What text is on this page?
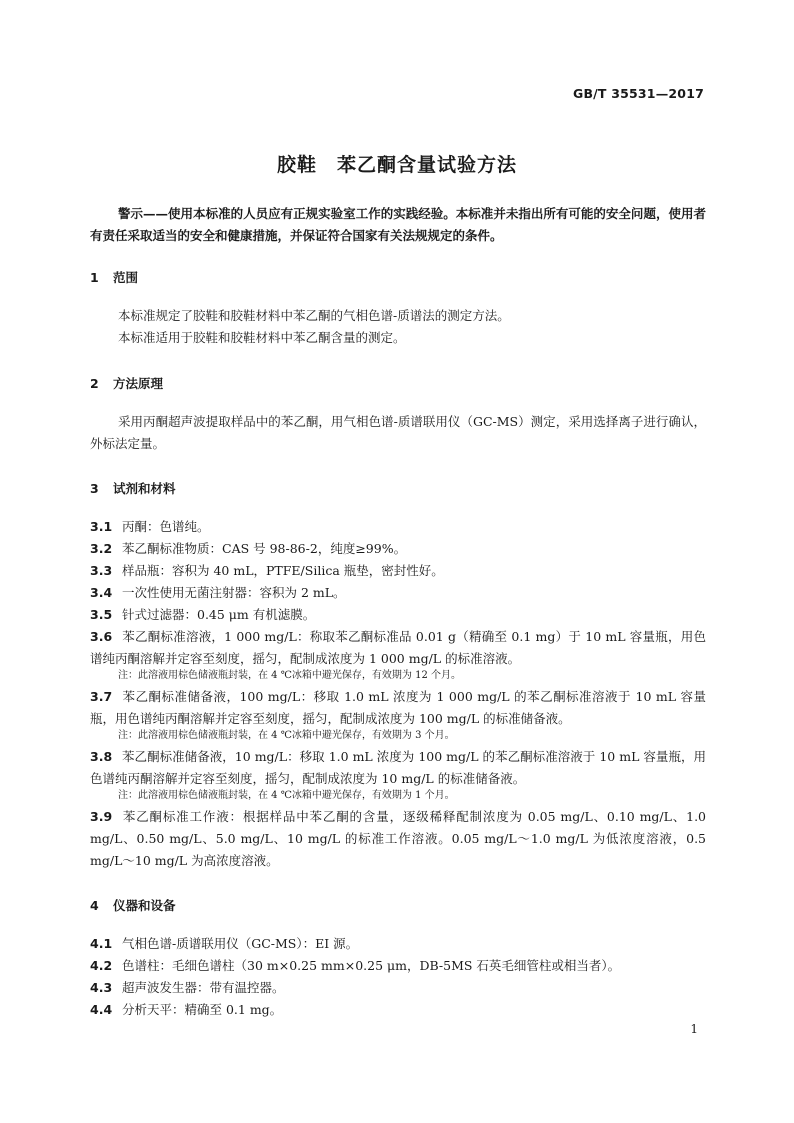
GB/T 35531—2017
胶鞋　苯乙酮含量试验方法
警示——使用本标准的人员应有正规实验室工作的实践经验。本标准并未指出所有可能的安全问题，使用者有责任采取适当的安全和健康措施，并保证符合国家有关法规规定的条件。
1 范围
本标准规定了胶鞋和胶鞋材料中苯乙酮的气相色谱-质谱法的测定方法。
本标准适用于胶鞋和胶鞋材料中苯乙酮含量的测定。
2 方法原理
采用丙酮超声波提取样品中的苯乙酮，用气相色谱-质谱联用仪（GC-MS）测定，采用选择离子进行确认，外标法定量。
3 试剂和材料
3.1 丙酮：色谱纯。
3.2 苯乙酮标准物质：CAS 号 98-86-2，纯度≥99%。
3.3 样品瓶：容积为 40 mL，PTFE/Silica 瓶垫，密封性好。
3.4 一次性使用无菌注射器：容积为 2 mL。
3.5 针式过滤器：0.45 μm 有机滤膜。
3.6 苯乙酮标准溶液，1 000 mg/L：称取苯乙酮标准品 0.01 g（精确至 0.1 mg）于 10 mL 容量瓶，用色谱纯丙酮溶解并定容至刻度，摇匀，配制成浓度为 1 000 mg/L 的标准溶液。
注：此溶液用棕色储液瓶封装，在 4 ℃冰箱中避光保存，有效期为 12 个月。
3.7 苯乙酮标准储备液，100 mg/L：移取 1.0 mL 浓度为 1 000 mg/L 的苯乙酮标准溶液于 10 mL 容量瓶，用色谱纯丙酮溶解并定容至刻度，摇匀，配制成浓度为 100 mg/L 的标准储备液。
注：此溶液用棕色储液瓶封装，在 4 ℃冰箱中避光保存，有效期为 3 个月。
3.8 苯乙酮标准储备液，10 mg/L：移取 1.0 mL 浓度为 100 mg/L 的苯乙酮标准溶液于 10 mL 容量瓶，用色谱纯丙酮溶解并定容至刻度，摇匀，配制成浓度为 10 mg/L 的标准储备液。
注：此溶液用棕色储液瓶封装，在 4 ℃冰箱中避光保存，有效期为 1 个月。
3.9 苯乙酮标准工作液：根据样品中苯乙酮的含量，逐级稀释配制浓度为 0.05 mg/L、0.10 mg/L、1.0 mg/L、0.50 mg/L、5.0 mg/L、10 mg/L 的标准工作溶液。0.05 mg/L～1.0 mg/L 为低浓度溶液，0.5 mg/L～10 mg/L 为高浓度溶液。
4 仪器和设备
4.1 气相色谱-质谱联用仪（GC-MS）：EI 源。
4.2 色谱柱：毛细色谱柱（30 m×0.25 mm×0.25 μm，DB-5MS 石英毛细管柱或相当者）。
4.3 超声波发生器：带有温控器。
4.4 分析天平：精确至 0.1 mg。
1
